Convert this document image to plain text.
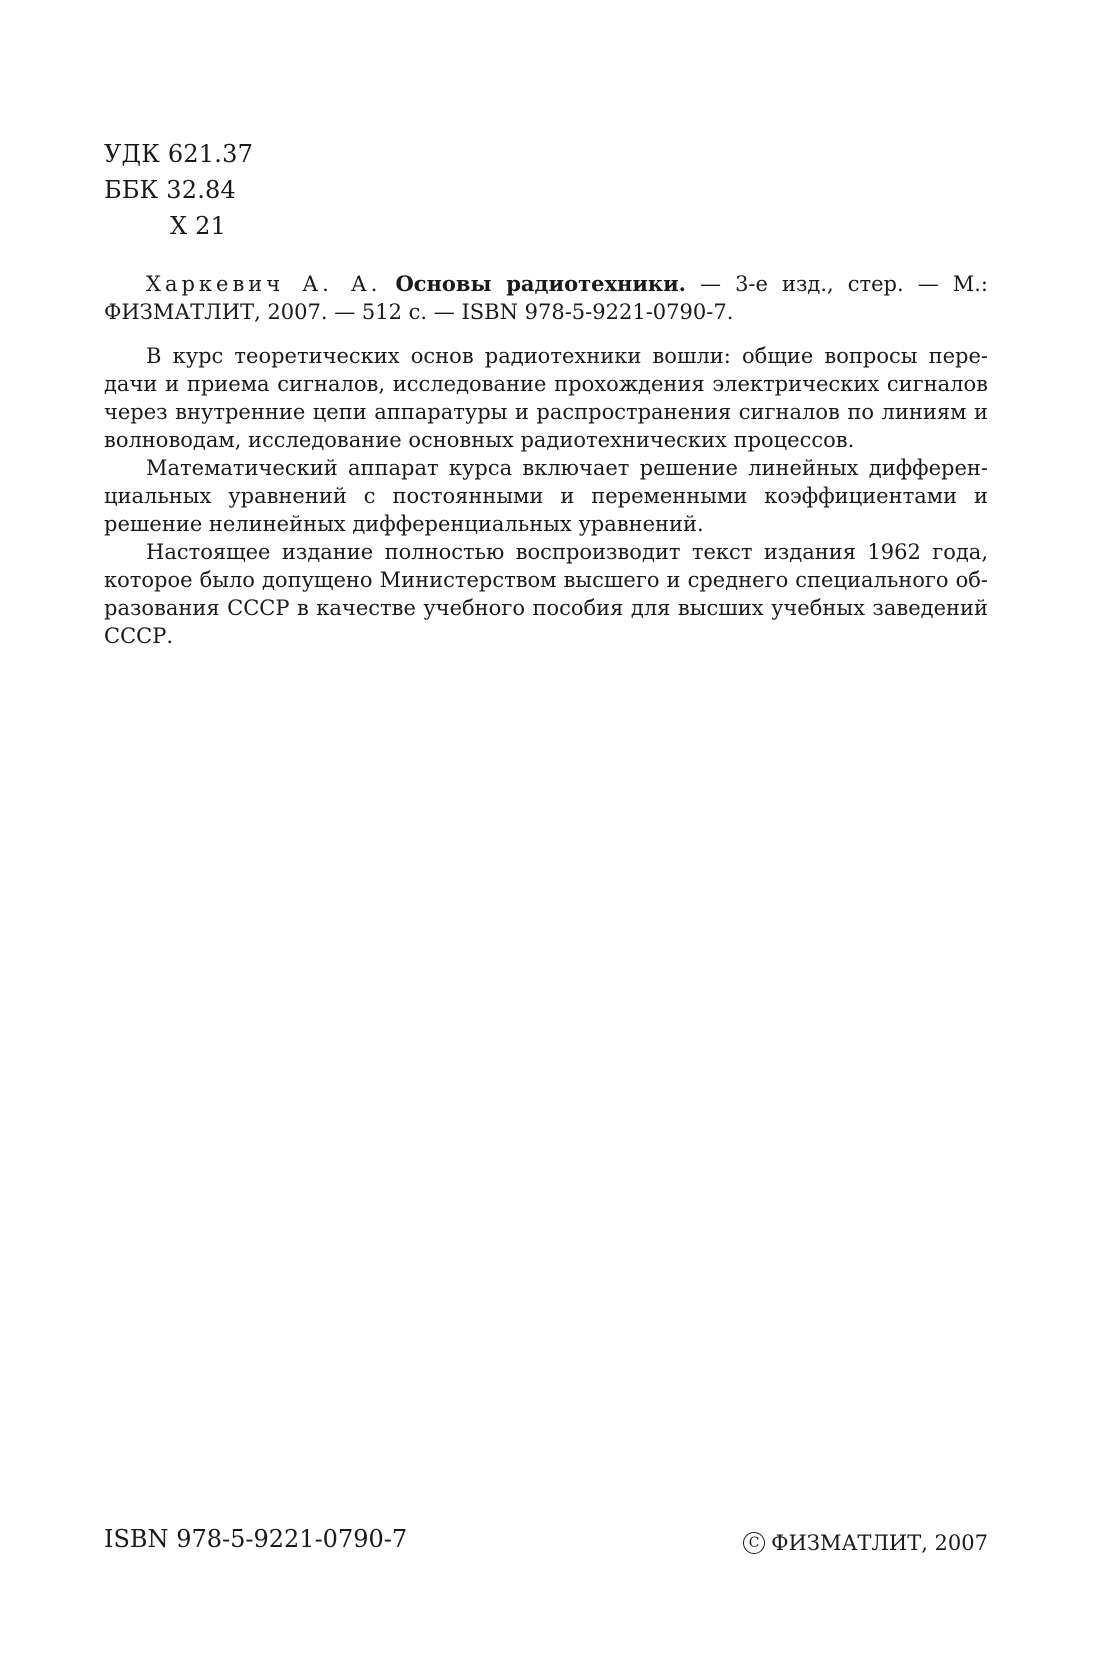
УДК 621.37
ББК 32.84
Х 21

Харкевич А. А. Основы радиотехники. — 3-е изд., стер. — М.: ФИЗМАТЛИТ, 2007. — 512 с. — ISBN 978-5-9221-0790-7.

В курс теоретических основ радиотехники вошли: общие вопросы передачи и приема сигналов, исследование прохождения электрических сигналов через внутренние цепи аппаратуры и распространения сигналов по линиям и волноводам, исследование основных радиотехнических процессов.

Математический аппарат курса включает решение линейных дифференциальных уравнений с постоянными и переменными коэффициентами и решение нелинейных дифференциальных уравнений.

Настоящее издание полностью воспроизводит текст издания 1962 года, которое было допущено Министерством высшего и среднего специального образования СССР в качестве учебного пособия для высших учебных заведений СССР.

ISBN 978-5-9221-0790-7	C ФИЗМАТЛИТ, 2007
